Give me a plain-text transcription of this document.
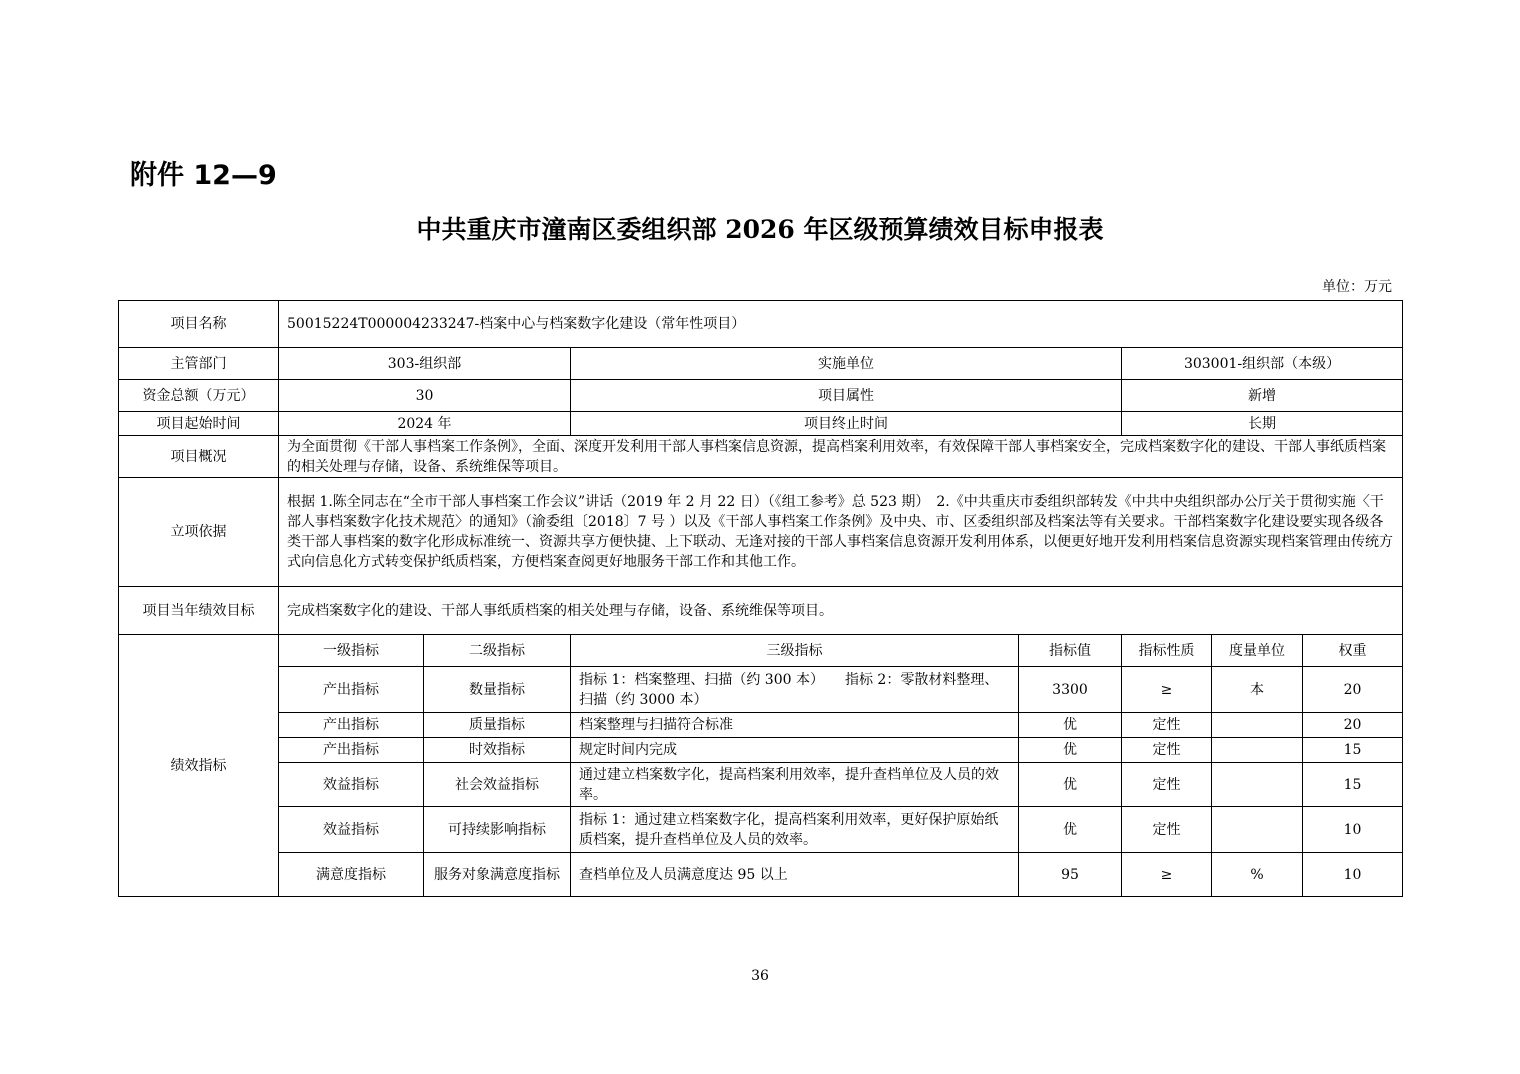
附件 12—9
中共重庆市潼南区委组织部 2026 年区级预算绩效目标申报表
单位：万元
项目名称	50015224T000004233247-档案中心与档案数字化建设（常年性项目）						
主管部门	303-组织部		实施单位		303001-组织部（本级）		
资金总额（万元）	30		项目属性		新增		
项目起始时间	2024 年		项目终止时间		长期		
项目概况	为全面贯彻《干部人事档案工作条例》，全面、深度开发利用干部人事档案信息资源，提高档案利用效率，有效保障干部人事档案安全，完成档案数字化的建设、干部人事纸质档案的相关处理与存储，设备、系统维保等项目。						
立项依据	根据 1.陈全同志在“全市干部人事档案工作会议”讲话（2019 年 2 月 22 日）（《组工参考》总 523 期）　2.《中共重庆市委组织部转发《中共中央组织部办公厅关于贯彻实施〈干部人事档案数字化技术规范〉的通知》（渝委组〔2018〕7 号 ）以及《干部人事档案工作条例》及中央、市、区委组织部及档案法等有关要求。干部档案数字化建设要实现各级各类干部人事档案的数字化形成标准统一、资源共享方便快捷、上下联动、无逢对接的干部人事档案信息资源开发利用体系，以便更好地开发利用档案信息资源实现档案管理由传统方式向信息化方式转变保护纸质档案，方便档案查阅更好地服务干部工作和其他工作。						
项目当年绩效目标	完成档案数字化的建设、干部人事纸质档案的相关处理与存储，设备、系统维保等项目。						
绩效指标	一级指标	二级指标	三级指标	指标值	指标性质	度量单位	权重
	产出指标	数量指标	指标 1：档案整理、扫描（约 300 本）　　指标 2：零散材料整理、扫描（约 3000 本）	3300	≥	本	20
	产出指标	质量指标	档案整理与扫描符合标准	优	定性		20
	产出指标	时效指标	规定时间内完成	优	定性		15
	效益指标	社会效益指标	通过建立档案数字化，提高档案利用效率，提升查档单位及人员的效率。	优	定性		15
	效益指标	可持续影响指标	指标 1：通过建立档案数字化，提高档案利用效率，更好保护原始纸质档案，提升查档单位及人员的效率。	优	定性		10
	满意度指标	服务对象满意度指标	查档单位及人员满意度达 95 以上	95	≥	%	10
36
